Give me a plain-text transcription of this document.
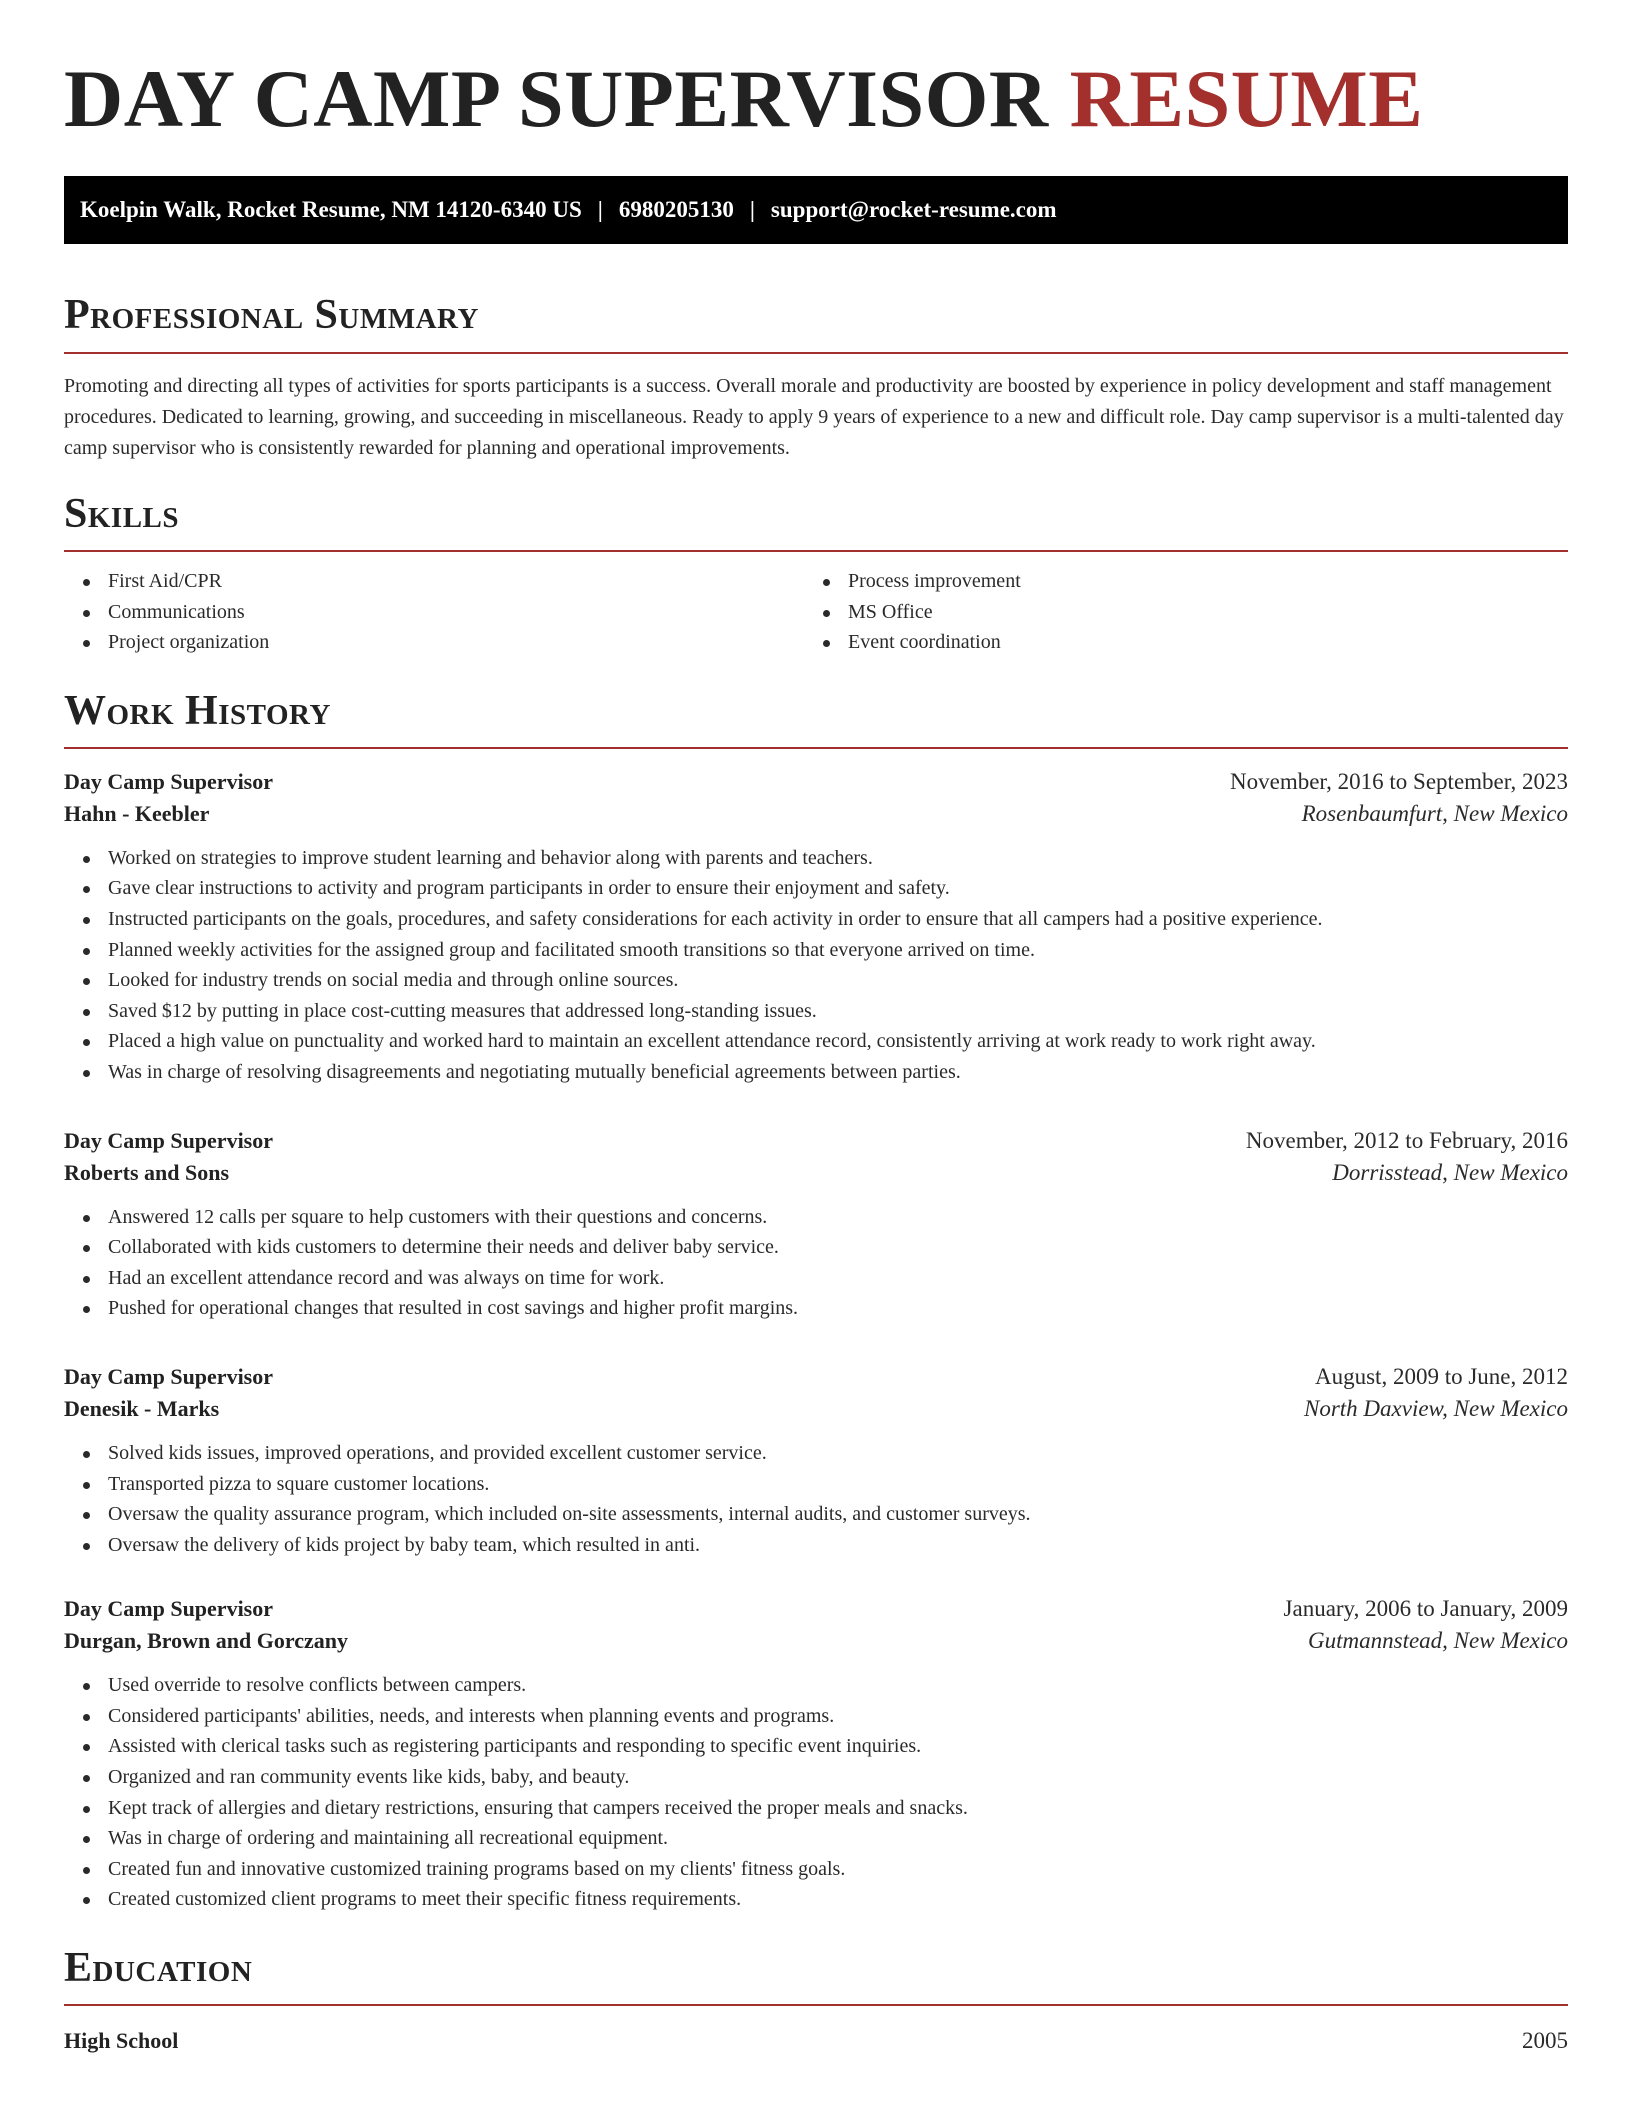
DAY CAMP SUPERVISOR RESUME
Koelpin Walk, Rocket Resume, NM 14120-6340 US | 6980205130 | support@rocket-resume.com
Professional Summary

Promoting and directing all types of activities for sports participants is a success. Overall morale and productivity are boosted by experience in policy development and staff management procedures. Dedicated to learning, growing, and succeeding in miscellaneous. Ready to apply 9 years of experience to a new and difficult role. Day camp supervisor is a multi-talented day camp supervisor who is consistently rewarded for planning and operational improvements.

Skills
First Aid/CPR
Communications
Project organization
Process improvement
MS Office
Event coordination
Work History
Day Camp Supervisor	November, 2016 to September, 2023
Hahn - Keebler	Rosenbaumfurt, New Mexico
Worked on strategies to improve student learning and behavior along with parents and teachers.
Gave clear instructions to activity and program participants in order to ensure their enjoyment and safety.
Instructed participants on the goals, procedures, and safety considerations for each activity in order to ensure that all campers had a positive experience.
Planned weekly activities for the assigned group and facilitated smooth transitions so that everyone arrived on time.
Looked for industry trends on social media and through online sources.
Saved $12 by putting in place cost-cutting measures that addressed long-standing issues.
Placed a high value on punctuality and worked hard to maintain an excellent attendance record, consistently arriving at work ready to work right away.
Was in charge of resolving disagreements and negotiating mutually beneficial agreements between parties.
Day Camp Supervisor	November, 2012 to February, 2016
Roberts and Sons	Dorrisstead, New Mexico
Answered 12 calls per square to help customers with their questions and concerns.
Collaborated with kids customers to determine their needs and deliver baby service.
Had an excellent attendance record and was always on time for work.
Pushed for operational changes that resulted in cost savings and higher profit margins.
Day Camp Supervisor	August, 2009 to June, 2012
Denesik - Marks	North Daxview, New Mexico
Solved kids issues, improved operations, and provided excellent customer service.
Transported pizza to square customer locations.
Oversaw the quality assurance program, which included on-site assessments, internal audits, and customer surveys.
Oversaw the delivery of kids project by baby team, which resulted in anti.
Day Camp Supervisor	January, 2006 to January, 2009
Durgan, Brown and Gorczany	Gutmannstead, New Mexico
Used override to resolve conflicts between campers.
Considered participants' abilities, needs, and interests when planning events and programs.
Assisted with clerical tasks such as registering participants and responding to specific event inquiries.
Organized and ran community events like kids, baby, and beauty.
Kept track of allergies and dietary restrictions, ensuring that campers received the proper meals and snacks.
Was in charge of ordering and maintaining all recreational equipment.
Created fun and innovative customized training programs based on my clients' fitness goals.
Created customized client programs to meet their specific fitness requirements.
Education
High School	2005
